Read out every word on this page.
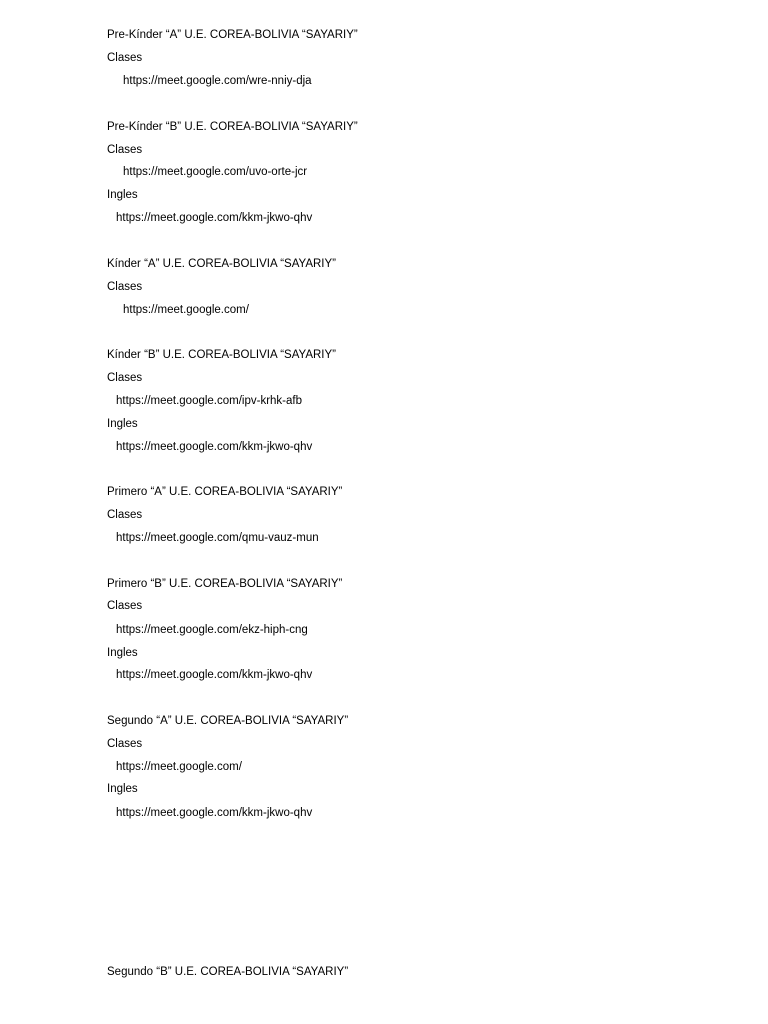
Pre-Kínder “A” U.E. COREA-BOLIVIA “SAYARIY”
Clases
https://meet.google.com/wre-nniy-dja
Pre-Kínder “B” U.E. COREA-BOLIVIA “SAYARIY”
Clases
https://meet.google.com/uvo-orte-jcr
Ingles
https://meet.google.com/kkm-jkwo-qhv
Kínder “A” U.E. COREA-BOLIVIA “SAYARIY”
Clases
https://meet.google.com/
Kínder “B” U.E. COREA-BOLIVIA “SAYARIY”
Clases
https://meet.google.com/ipv-krhk-afb
Ingles
https://meet.google.com/kkm-jkwo-qhv
Primero “A” U.E. COREA-BOLIVIA “SAYARIY”
Clases
https://meet.google.com/qmu-vauz-mun
Primero “B” U.E. COREA-BOLIVIA “SAYARIY”
Clases
https://meet.google.com/ekz-hiph-cng
Ingles
https://meet.google.com/kkm-jkwo-qhv
Segundo “A” U.E. COREA-BOLIVIA “SAYARIY”
Clases
https://meet.google.com/
Ingles
https://meet.google.com/kkm-jkwo-qhv
Segundo “B” U.E. COREA-BOLIVIA “SAYARIY”
